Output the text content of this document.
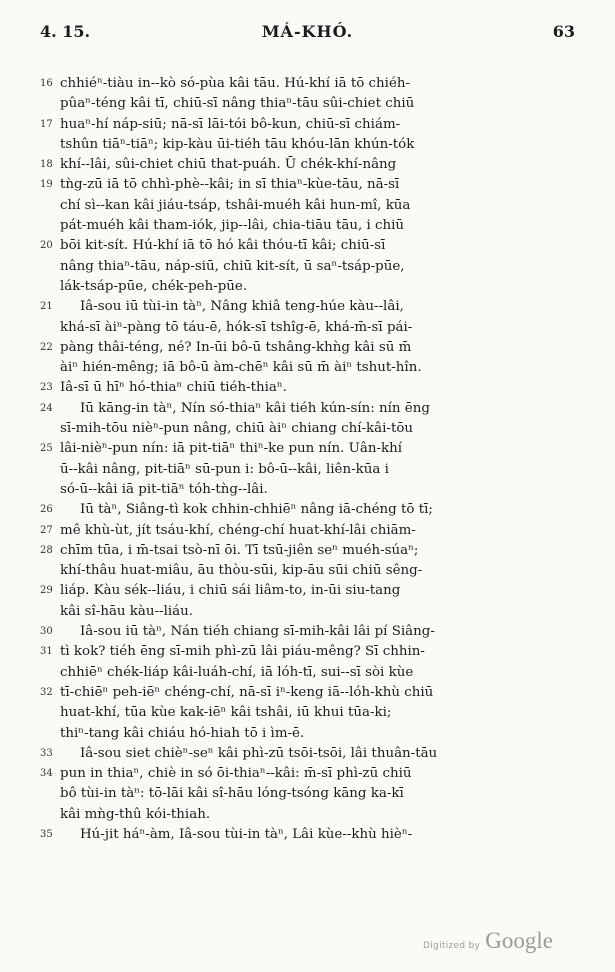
4. 15.	MÁ-KHÓ.	63
16 chhiéⁿ-tiàu in--kò só-pùa kâi tāu. Hú-khí iā tō chiéh-
pûaⁿ-téng kâi tī, chiū-sī nâng thiaⁿ-tāu sûi-chiet chiū
17 huaⁿ-hí náp-siū; nā-sī lāi-tói bô-kun, chiū-sī chiám-
tshûn tiāⁿ-tiāⁿ; kip-kàu ūi-tiéh tāu khóu-lān khún-tók
18 khí--lâi, sûi-chiet chiū that-puáh. Ū chék-khí-nâng
19 tǹg-zū iā tō chhì-phè--kâi; in sī thiaⁿ-kùe-tāu, nā-sī
chí sì--kan kâi jiáu-tsáp, tshâi-muéh kâi hun-mî, kūa
pát-muéh kâi tham-iók, jip--lâi, chia-tiāu tāu, i chiū
20 bōi kit-sít. Hú-khí iā tō hó kâi thóu-tī kâi; chiū-sī
nâng thiaⁿ-tāu, náp-siū, chiū kit-sít, ū saⁿ-tsáp-pūe,
lák-tsáp-pūe, chék-peh-pūe.
21	Iâ-sou iū tùi-in tàⁿ, Nâng khiâ teng-húe kàu--lâi,
khá-sī àiⁿ-pàng tō táu-ē, hók-sī tshîg-ē, khá-m̄-sī pái-
22 pàng thâi-téng, né? In-ūi bô-ū tshâng-khǹg kâi sū m̄
àiⁿ hién-mêng; iā bô-ū àm-chēⁿ kâi sū m̄ àiⁿ tshut-hîn.
23 Iâ-sī ū hīⁿ hó-thiaⁿ chiū tiéh-thiaⁿ.
24	Iū kāng-in tàⁿ, Nín só-thiaⁿ kâi tiéh kún-sín: nín ēng
sī-mih-tōu nièⁿ-pun nâng, chiū àiⁿ chiang chí-kâi-tōu
25 lâi-nièⁿ-pun nín: iā pit-tiāⁿ thiⁿ-ke pun nín. Uân-khí
ū--kâi nâng, pit-tiāⁿ sū-pun i: bô-ū--kâi, liên-kūa i
só-ū--kâi iā pit-tiāⁿ tóh-tǹg--lâi.
26	Iū tàⁿ, Siâng-tì kok chhin-chhiēⁿ nâng iā-chéng tō tī;
27 mê khù-ùt, jít tsáu-khí, chéng-chí huat-khí-lâi chiām-
28 chīm tūa, i m̄-tsai tsò-nī ōi. Tī tsū-jiên seⁿ muéh-súaⁿ;
khí-thâu huat-miâu, āu thòu-sūi, kip-āu sūi chiū sêng-
29 liáp. Kàu sék--liáu, i chiū sái liâm-to, in-ūi siu-tang
kâi sî-hāu kàu--liáu.
30	Iâ-sou iū tàⁿ, Nán tiéh chiang sī-mih-kâi lâi pí Siâng-
31 tì kok? tiéh ēng sī-mih phì-zū lâi piáu-mêng? Sī chhin-
chhiēⁿ chék-liáp kâi-luáh-chí, iā lóh-tī, sui--sī sòi kùe
32 tī-chiēⁿ peh-iēⁿ chéng-chí, nā-sī iⁿ-keng iā--lóh-khù chiū
huat-khí, tūa kùe kak-iēⁿ kâi tshâi, iū khui tūa-ki;
thiⁿ-tang kâi chiáu hó-hiah tō i ìm-ē.
33	Iâ-sou siet chièⁿ-seⁿ kâi phì-zū tsōi-tsōi, lâi thuân-tāu
34 pun in thiaⁿ, chiè in só ōi-thiaⁿ--kâi: m̄-sī phì-zū chiū
bô tùi-in tàⁿ: tō-lāi kâi sî-hāu lóng-tsóng kāng ka-kī
kâi mǹg-thû kói-thiah.
35	Hú-jit háⁿ-àm, Iâ-sou tùi-in tàⁿ, Lâi kùe--khù hièⁿ-
Digitized by Google
